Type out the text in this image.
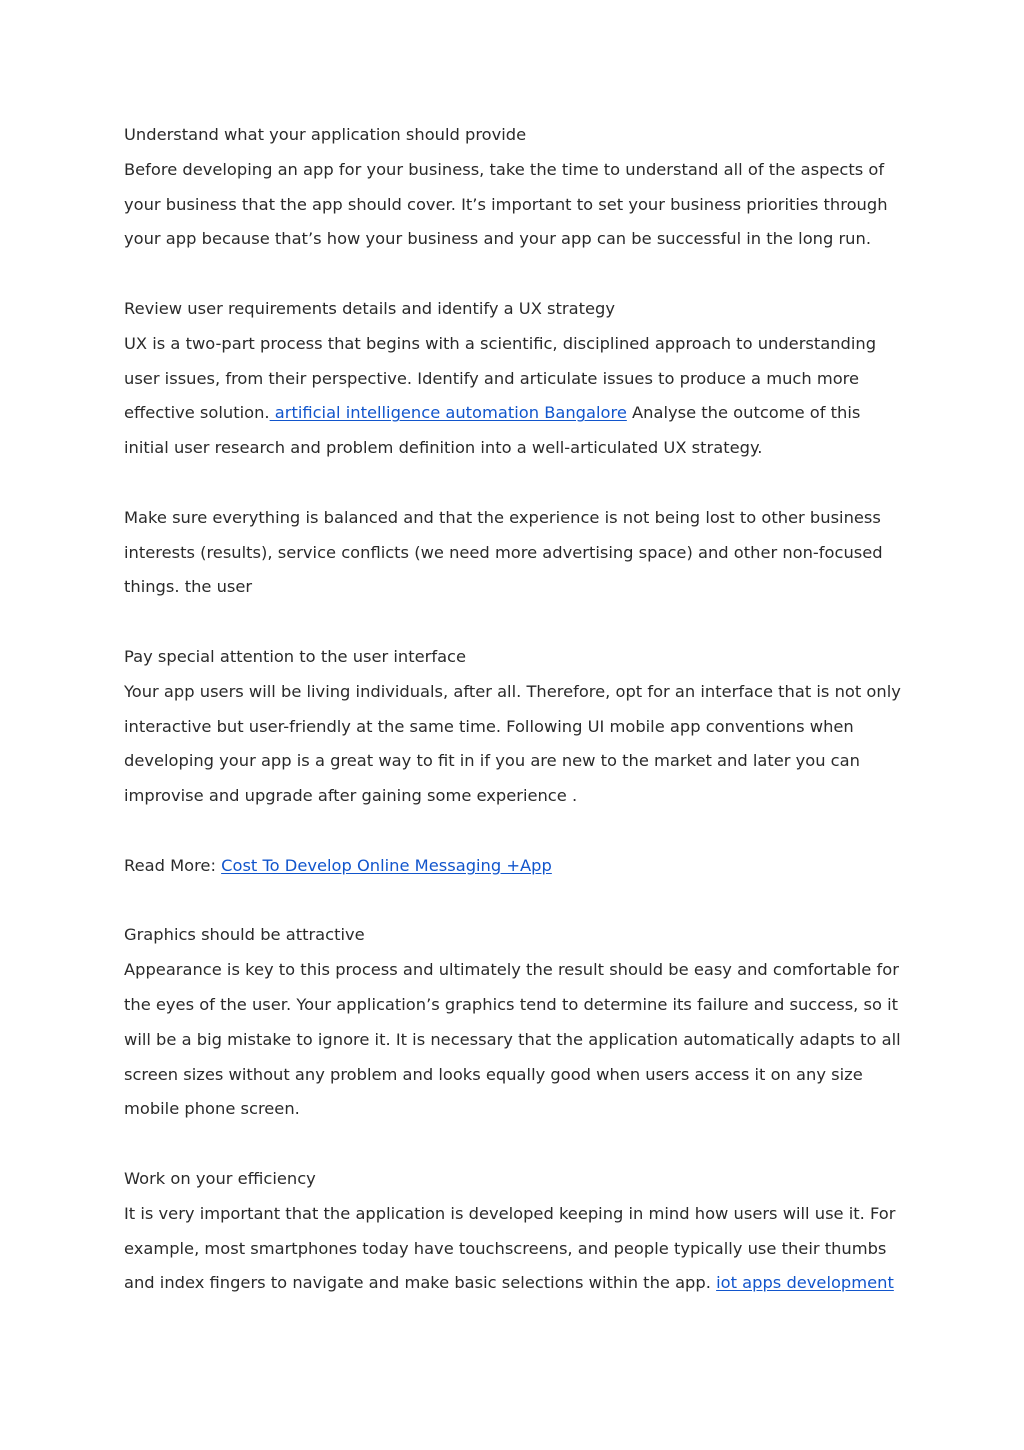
Understand what your application should provide
Before developing an app for your business, take the time to understand all of the aspects of
your business that the app should cover. It’s important to set your business priorities through
your app because that’s how your business and your app can be successful in the long run.
Review user requirements details and identify a UX strategy
UX is a two-part process that begins with a scientific, disciplined approach to understanding
user issues, from their perspective. Identify and articulate issues to produce a much more
effective solution. artificial intelligence automation Bangalore Analyse the outcome of this
initial user research and problem definition into a well-articulated UX strategy.
Make sure everything is balanced and that the experience is not being lost to other business
interests (results), service conflicts (we need more advertising space) and other non-focused
things. the user
Pay special attention to the user interface
Your app users will be living individuals, after all. Therefore, opt for an interface that is not only
interactive but user-friendly at the same time. Following UI mobile app conventions when
developing your app is a great way to fit in if you are new to the market and later you can
improvise and upgrade after gaining some experience .
Read More: Cost To Develop Online Messaging +App
Graphics should be attractive
Appearance is key to this process and ultimately the result should be easy and comfortable for
the eyes of the user. Your application’s graphics tend to determine its failure and success, so it
will be a big mistake to ignore it. It is necessary that the application automatically adapts to all
screen sizes without any problem and looks equally good when users access it on any size
mobile phone screen.
Work on your efficiency
It is very important that the application is developed keeping in mind how users will use it. For
example, most smartphones today have touchscreens, and people typically use their thumbs
and index fingers to navigate and make basic selections within the app. iot apps development
